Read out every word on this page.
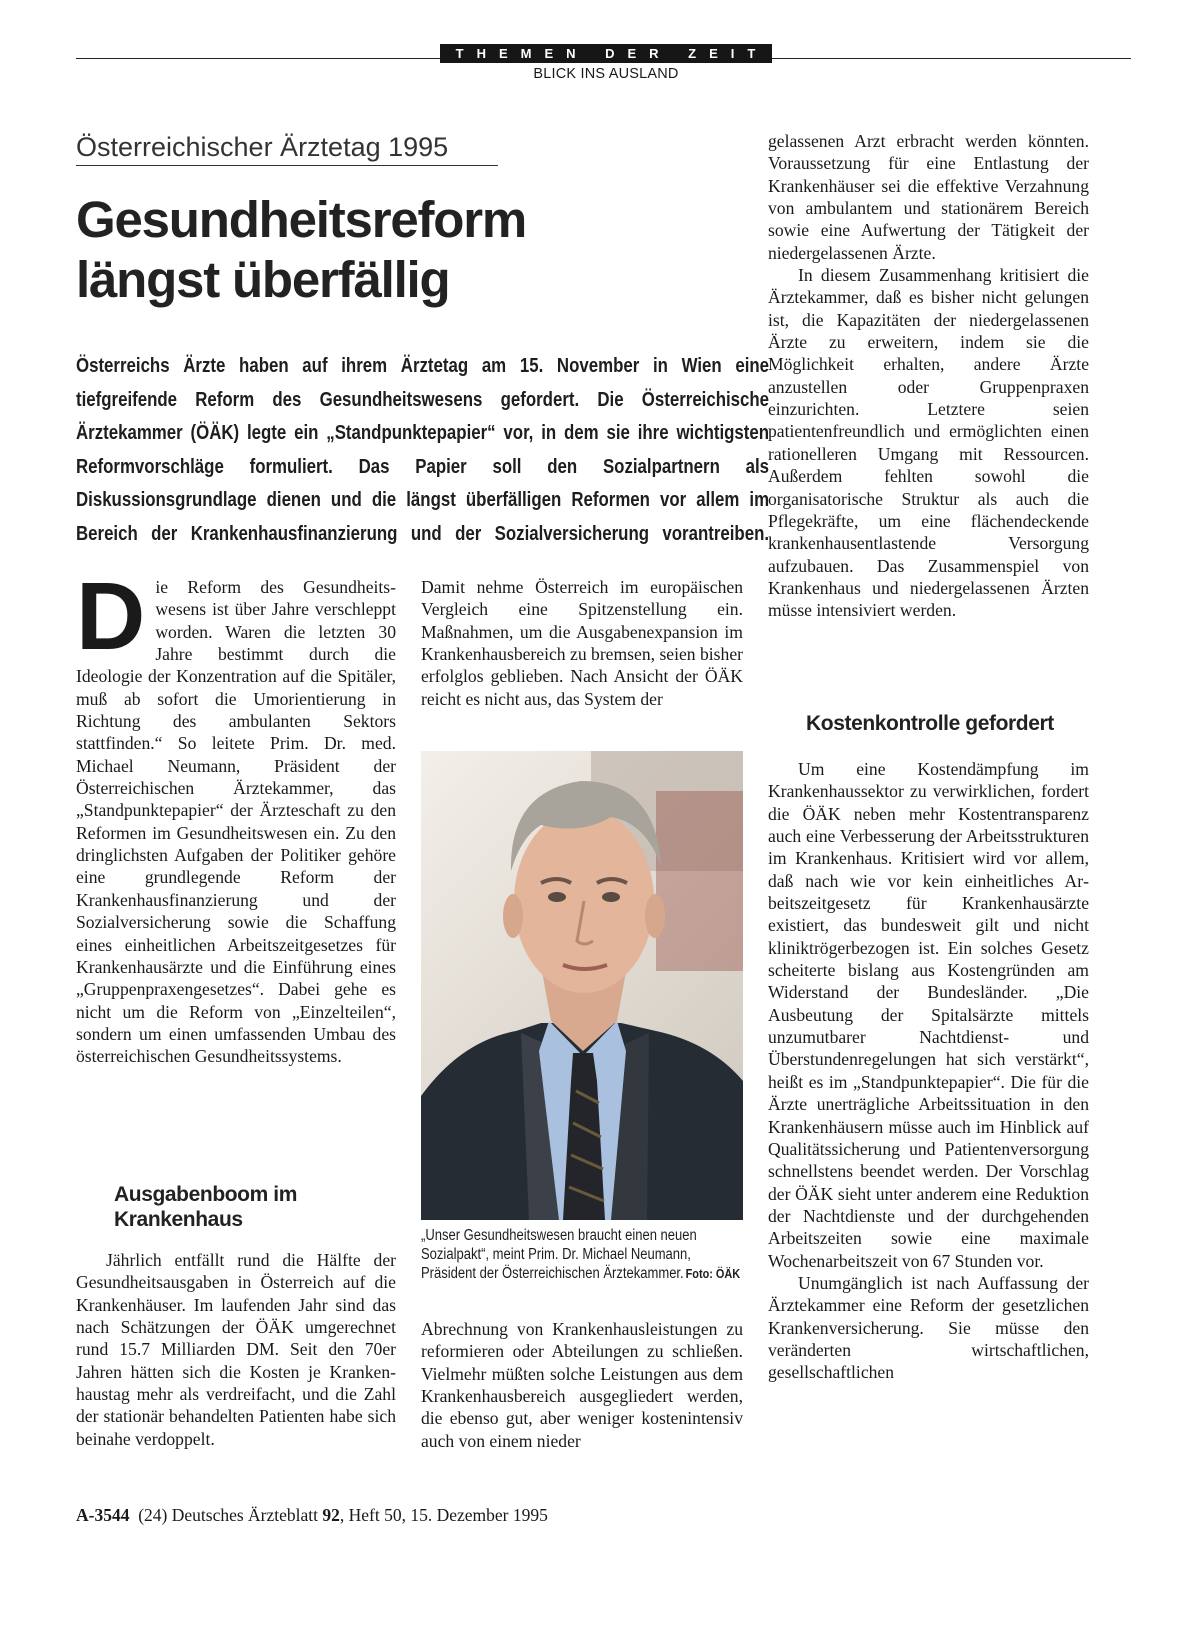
THEMEN DER ZEIT
BLICK INS AUSLAND
Österreichischer Ärztetag 1995
Gesundheitsreform
längst überfällig

Österreichs Ärzte haben auf ihrem Ärztetag am 15. November in Wien eine tiefgreifende Reform des Gesundheitswesens gefordert. Die Österreichische Ärztekammer (ÖÄK) legte ein „Standpunktepapier“ vor, in dem sie ihre wichtigsten Reformvorschläge formuliert. Das Papier soll den Sozialpartnern als Diskussionsgrundlage dienen und die längst überfälligen Reformen vor allem im Bereich der Krankenhausfinanzierung und der Sozialversicherung vorantreiben.

D ie Reform des Gesundheitswesens ist über Jahre verschleppt worden. Waren die letzten 30 Jahre bestimmt durch die Ideologie der Konzentration auf die Spitäler, muß ab sofort die Umorientierung in Richtung des ambulanten Sektors stattfinden.“ So leitete Prim. Dr. med. Michael Neumann, Präsident der Österreichischen Ärztekammer, das „Standpunktepapier“ der Ärzteschaft zu den Reformen im Gesundheitswesen ein. Zu den dringlichsten Aufgaben der Politiker gehöre eine grundlegende Reform der Krankenhausfinanzierung und der Sozialversicherung sowie die Schaffung eines einheitlichen Arbeitszeitgesetzes für Krankenhausärzte und die Einführung eines „Gruppenpraxengesetzes“. Dabei gehe es nicht um die Reform von „Einzelteilen“, sondern um einen umfassenden Umbau des österreichischen Gesundheitssystems.

Ausgabenboom im Krankenhaus

Jährlich entfällt rund die Hälfte der Gesundheitsausgaben in Österreich auf die Krankenhäuser. Im laufenden Jahr sind das nach Schätzungen der ÖÄK umgerechnet rund 15.7 Milliarden DM. Seit den 70er Jahren hätten sich die Kosten je Krankenhaustag mehr als verdreifacht, und die Zahl der stationär behandelten Patienten habe sich beinahe verdoppelt.

Damit nehme Österreich im europäischen Vergleich eine Spitzenstellung ein. Maßnahmen, um die Ausgabenexpansion im Krankenhausbereich zu bremsen, seien bisher erfolglos geblieben. Nach Ansicht der ÖÄK reicht es nicht aus, das System der

„Unser Gesundheitswesen braucht einen neuen Sozialpakt“, meint Prim. Dr. Michael Neumann, Präsident der Österreichischen Ärztekammer. Foto: ÖÄK

Abrechnung von Krankenhausleistungen zu reformieren oder Abteilungen zu schließen. Vielmehr müßten solche Leistungen aus dem Krankenhausbereich ausgegliedert werden, die ebenso gut, aber weniger kostenintensiv auch von einem nieder

gelassenen Arzt erbracht werden könnten. Voraussetzung für eine Entlastung der Krankenhäuser sei die effektive Verzahnung von ambulantem und stationärem Bereich sowie eine Aufwertung der Tätigkeit der niedergelassenen Ärzte.

In diesem Zusammenhang kritisiert die Ärztekammer, daß es bisher nicht gelungen ist, die Kapazitäten der niedergelassenen Ärzte zu erweitern, indem sie die Möglichkeit erhalten, andere Ärzte anzustellen oder Gruppenpraxen einzurichten. Letztere seien patientenfreundlich und ermöglichten einen rationelleren Umgang mit Ressourcen. Außerdem fehlten sowohl die organisatorische Struktur als auch die Pflegekräfte, um eine flächendeckende krankenhausentlastende Versorgung aufzubauen. Das Zusammenspiel von Krankenhaus und niedergelassenen Ärzten müsse intensiviert werden.

Kostenkontrolle gefordert

Um eine Kostendämpfung im Krankenhaussektor zu verwirklichen, fordert die ÖÄK neben mehr Kostentransparenz auch eine Verbesserung der Arbeitsstrukturen im Krankenhaus. Kritisiert wird vor allem, daß nach wie vor kein einheitliches Arbeitszeitgesetz für Krankenhausärzte existiert, das bundesweit gilt und nicht kliniktrögerbezogen ist. Ein solches Gesetz scheiterte bislang aus Kostengründen am Widerstand der Bundesländer. „Die Ausbeutung der Spitalsärzte mittels unzumutbarer Nachtdienst- und Überstundenregelungen hat sich verstärkt“, heißt es im „Standpunktepapier“. Die für die Ärzte unerträgliche Arbeitssituation in den Krankenhäusern müsse auch im Hinblick auf Qualitätssicherung und Patientenversorgung schnellstens beendet werden. Der Vorschlag der ÖÄK sieht unter anderem eine Reduktion der Nachtdienste und der durchgehenden Arbeitszeiten sowie eine maximale Wochenarbeitszeit von 67 Stunden vor.

Unumgänglich ist nach Auffassung der Ärztekammer eine Reform der gesetzlichen Krankenversicherung. Sie müsse den veränderten wirtschaftlichen, gesellschaftlichen

A-3544 (24) Deutsches Ärzteblatt 92, Heft 50, 15. Dezember 1995
